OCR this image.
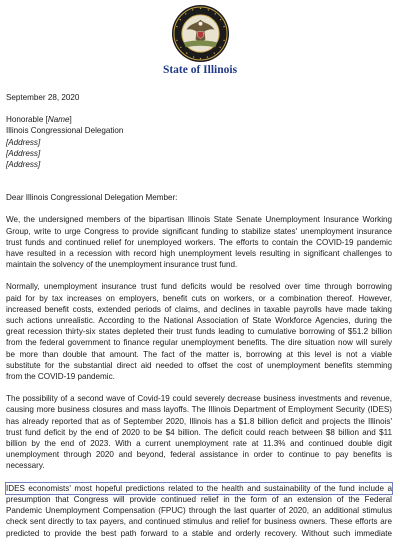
State of Illinois
September 28, 2020
Honorable [Name]
Illinois Congressional Delegation
[Address]
[Address]
[Address]
Dear Illinois Congressional Delegation Member:
We, the undersigned members of the bipartisan Illinois State Senate Unemployment Insurance Working
Group, write to urge Congress to provide significant funding to stabilize states' unemployment insurance
trust funds and continued relief for unemployed workers. The efforts to contain the COVID-19 pandemic
have resulted in a recession with record high unemployment levels resulting in significant challenges to
maintain the solvency of the unemployment insurance trust fund.
Normally, unemployment insurance trust fund deficits would be resolved over time through borrowing
paid for by tax increases on employers, benefit cuts on workers, or a combination thereof. However,
increased benefit costs, extended periods of claims, and declines in taxable payrolls have made taking
such actions unrealistic. According to the National Association of State Workforce Agencies, during the
great recession thirty-six states depleted their trust funds leading to cumulative borrowing of $51.2 billion
from the federal government to finance regular unemployment benefits. The dire situation now will surely
be more than double that amount. The fact of the matter is, borrowing at this level is not a viable
substitute for the substantial direct aid needed to offset the cost of unemployment benefits stemming
from the COVID-19 pandemic.
The possibility of a second wave of Covid-19 could severely decrease business investments and revenue,
causing more business closures and mass layoffs. The Illinois Department of Employment Security (IDES)
has already reported that as of September 2020, Illinois has a $1.8 billion deficit and projects the Illinois'
trust fund deficit by the end of 2020 to be $4 billion. The deficit could reach between $8 billion and $11
billion by the end of 2023. With a current unemployment rate at 11.3% and continued double digit
unemployment through 2020 and beyond, federal assistance in order to continue to pay benefits is
necessary.
IDES economists' most hopeful predictions related to the health and sustainability of the fund include a
presumption that Congress will provide continued relief in the form of an extension of the Federal
Pandemic Unemployment Compensation (FPUC) through the last quarter of 2020, an additional stimulus
check sent directly to tax payers, and continued stimulus and relief for business owners. These efforts are
predicted to provide the best path forward to a stable and orderly recovery. Without such immediate
